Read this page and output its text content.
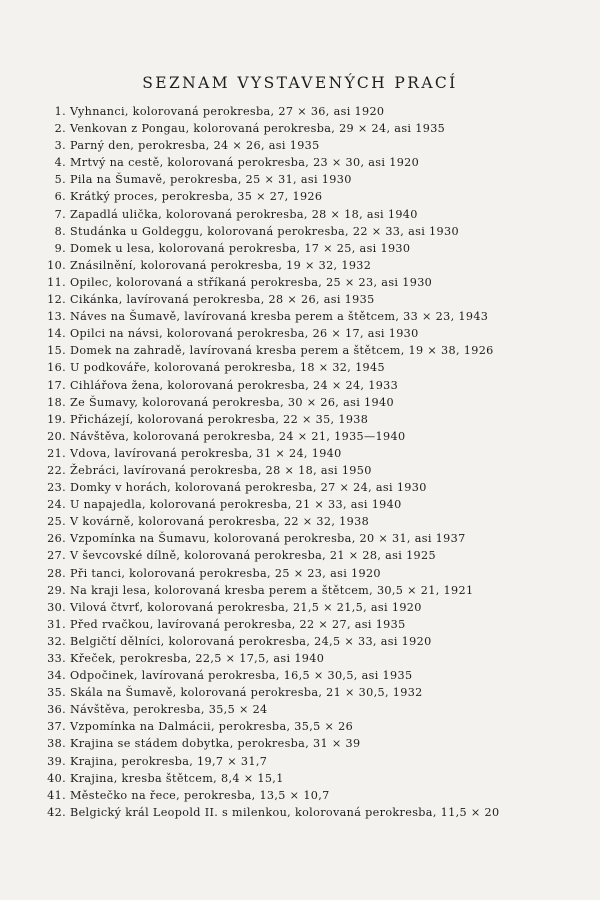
SEZNAM VYSTAVENÝCH PRACÍ
1. Vyhnanci, kolorovaná perokresba, 27 × 36, asi 1920
2. Venkovan z Pongau, kolorovaná perokresba, 29 × 24, asi 1935
3. Parný den, perokresba, 24 × 26, asi 1935
4. Mrtvý na cestě, kolorovaná perokresba, 23 × 30, asi 1920
5. Pila na Šumavě, perokresba, 25 × 31, asi 1930
6. Krátký proces, perokresba, 35 × 27, 1926
7. Zapadlá ulička, kolorovaná perokresba, 28 × 18, asi 1940
8. Studánka u Goldeggu, kolorovaná perokresba, 22 × 33, asi 1930
9. Domek u lesa, kolorovaná perokresba, 17 × 25, asi 1930
10. Znásilnění, kolorovaná perokresba, 19 × 32, 1932
11. Opilec, kolorovaná a stříkaná perokresba, 25 × 23, asi 1930
12. Cikánka, lavírovaná perokresba, 28 × 26, asi 1935
13. Náves na Šumavě, lavírovaná kresba perem a štětcem, 33 × 23, 1943
14. Opilci na návsi, kolorovaná perokresba, 26 × 17, asi 1930
15. Domek na zahradě, lavírovaná kresba perem a štětcem, 19 × 38, 1926
16. U podkováře, kolorovaná perokresba, 18 × 32, 1945
17. Cihlářova žena, kolorovaná perokresba, 24 × 24, 1933
18. Ze Šumavy, kolorovaná perokresba, 30 × 26, asi 1940
19. Přicházejí, kolorovaná perokresba, 22 × 35, 1938
20. Návštěva, kolorovaná perokresba, 24 × 21, 1935—1940
21. Vdova, lavírovaná perokresba, 31 × 24, 1940
22. Žebráci, lavírovaná perokresba, 28 × 18, asi 1950
23. Domky v horách, kolorovaná perokresba, 27 × 24, asi 1930
24. U napajedla, kolorovaná perokresba, 21 × 33, asi 1940
25. V kovárně, kolorovaná perokresba, 22 × 32, 1938
26. Vzpomínka na Šumavu, kolorovaná perokresba, 20 × 31, asi 1937
27. V ševcovské dílně, kolorovaná perokresba, 21 × 28, asi 1925
28. Při tanci, kolorovaná perokresba, 25 × 23, asi 1920
29. Na kraji lesa, kolorovaná kresba perem a štětcem, 30,5 × 21, 1921
30. Vilová čtvrť, kolorovaná perokresba, 21,5 × 21,5, asi 1920
31. Před rvačkou, lavírovaná perokresba, 22 × 27, asi 1935
32. Belgičtí dělníci, kolorovaná perokresba, 24,5 × 33, asi 1920
33. Křeček, perokresba, 22,5 × 17,5, asi 1940
34. Odpočinek, lavírovaná perokresba, 16,5 × 30,5, asi 1935
35. Skála na Šumavě, kolorovaná perokresba, 21 × 30,5, 1932
36. Návštěva, perokresba, 35,5 × 24
37. Vzpomínka na Dalmácii, perokresba, 35,5 × 26
38. Krajina se stádem dobytka, perokresba, 31 × 39
39. Krajina, perokresba, 19,7 × 31,7
40. Krajina, kresba štětcem, 8,4 × 15,1
41. Městečko na řece, perokresba, 13,5 × 10,7
42. Belgický král Leopold II. s milenkou, kolorovaná perokresba, 11,5 × 20
